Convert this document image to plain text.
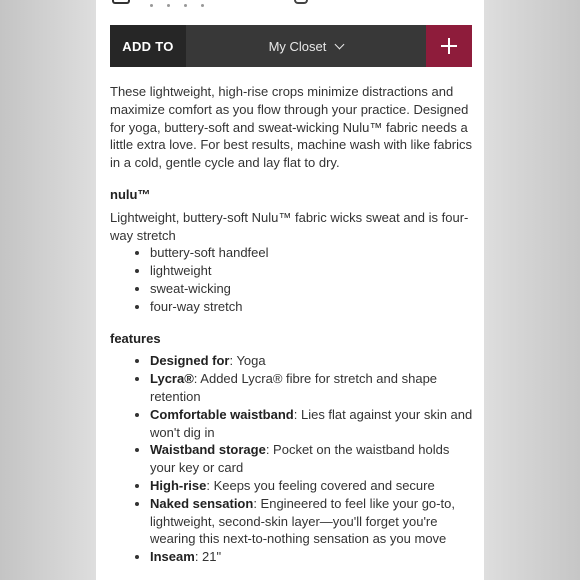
ADD TO	My Closet

These lightweight, high-rise crops minimize distractions and maximize comfort as you flow through your practice. Designed for yoga, buttery-soft and sweat-wicking Nulu™ fabric needs a little extra love. For best results, machine wash with like fabrics in a cold, gentle cycle and lay flat to dry.

nulu™

Lightweight, buttery-soft Nulu™ fabric wicks sweat and is four-way stretch

• buttery-soft handfeel
• lightweight
• sweat-wicking
• four-way stretch
features
• Designed for: Yoga
• Lycra®: Added Lycra® fibre for stretch and shape retention
• Comfortable waistband: Lies flat against your skin and won't dig in
• Waistband storage: Pocket on the waistband holds your key or card
• High-rise: Keeps you feeling covered and secure
• Naked sensation: Engineered to feel like your go-to, lightweight, second-skin layer—you'll forget you're wearing this next-to-nothing sensation as you move
• Inseam: 21"
